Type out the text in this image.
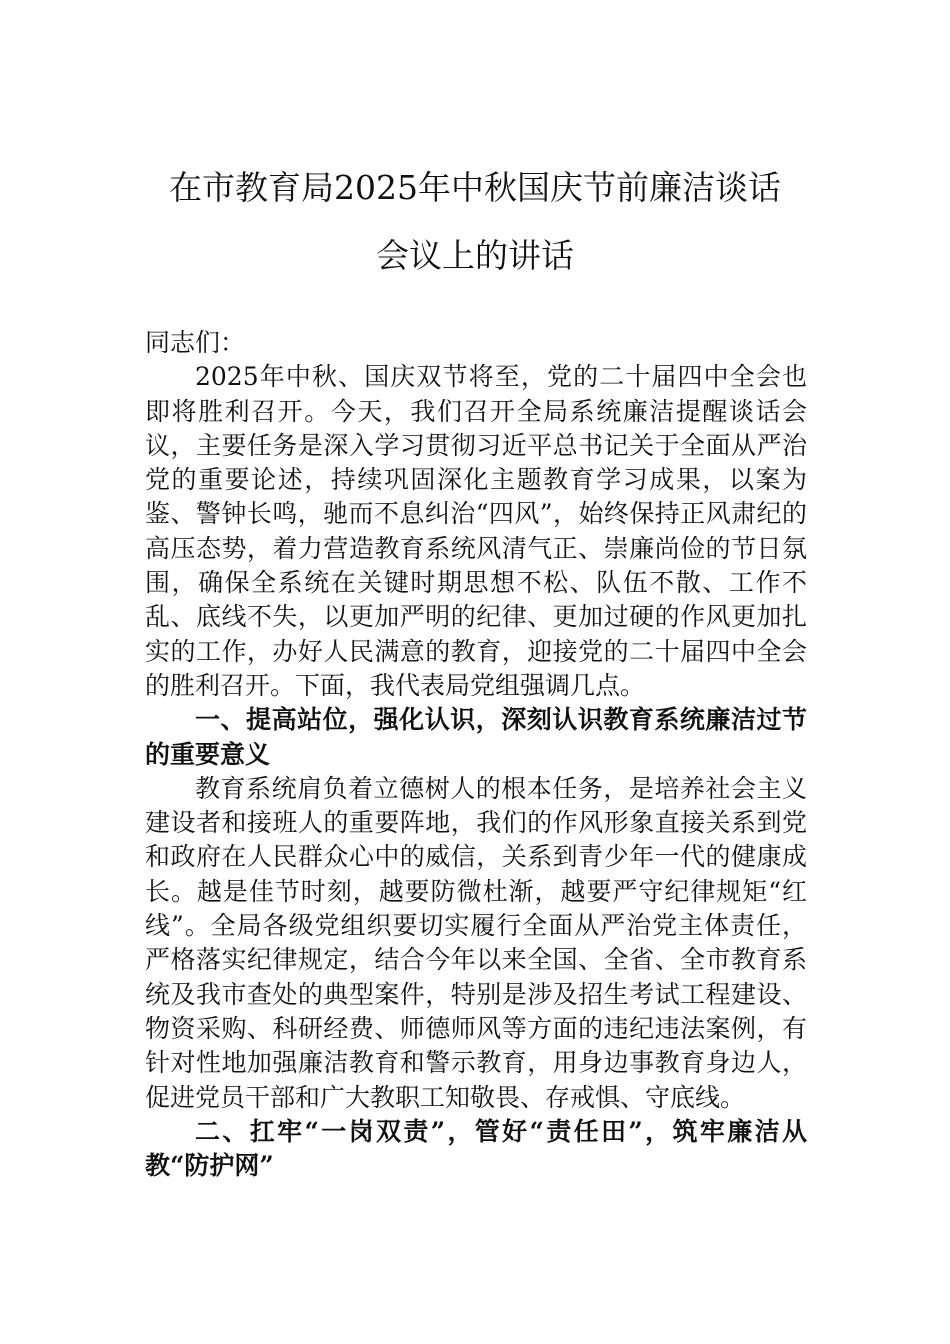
在市教育局2025年中秋国庆节前廉洁谈话
会议上的讲话

同志们：

2025年中秋、国庆双节将至，党的二十届四中全会也即将胜利召开。今天，我们召开全局系统廉洁提醒谈话会议，主要任务是深入学习贯彻习近平总书记关于全面从严治党的重要论述，持续巩固深化主题教育学习成果，以案为鉴、警钟长鸣，驰而不息纠治“四风”，始终保持正风肃纪的高压态势，着力营造教育系统风清气正、崇廉尚俭的节日氛围，确保全系统在关键时期思想不松、队伍不散、工作不乱、底线不失，以更加严明的纪律、更加过硬的作风更加扎实的工作，办好人民满意的教育，迎接党的二十届四中全会的胜利召开。下面，我代表局党组强调几点。

一、提高站位，强化认识，深刻认识教育系统廉洁过节的重要意义

教育系统肩负着立德树人的根本任务，是培养社会主义建设者和接班人的重要阵地，我们的作风形象直接关系到党和政府在人民群众心中的威信，关系到青少年一代的健康成长。越是佳节时刻，越要防微杜渐，越要严守纪律规矩“红线”。全局各级党组织要切实履行全面从严治党主体责任，严格落实纪律规定，结合今年以来全国、全省、全市教育系统及我市查处的典型案件，特别是涉及招生考试工程建设、物资采购、科研经费、师德师风等方面的违纪违法案例，有针对性地加强廉洁教育和警示教育，用身边事教育身边人，促进党员干部和广大教职工知敬畏、存戒惧、守底线。

二、扛牢“一岗双责”，管好“责任田”，筑牢廉洁从教“防护网”
